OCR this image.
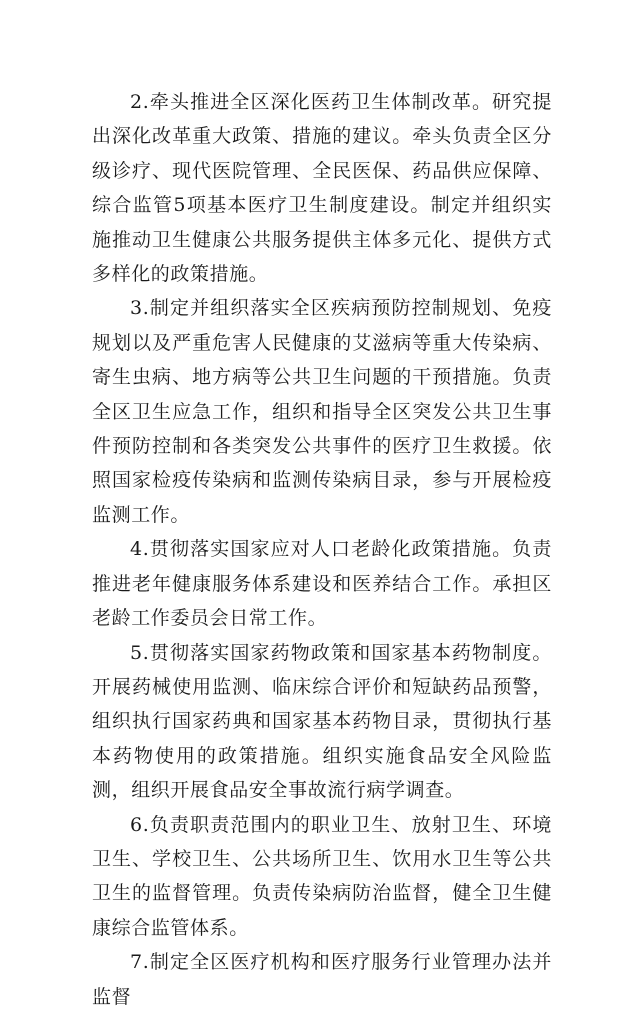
2.牵头推进全区深化医药卫生体制改革。研究提出深化改革重大政策、措施的建议。牵头负责全区分级诊疗、现代医院管理、全民医保、药品供应保障、综合监管5项基本医疗卫生制度建设。制定并组织实施推动卫生健康公共服务提供主体多元化、提供方式多样化的政策措施。

3.制定并组织落实全区疾病预防控制规划、免疫规划以及严重危害人民健康的艾滋病等重大传染病、寄生虫病、地方病等公共卫生问题的干预措施。负责全区卫生应急工作，组织和指导全区突发公共卫生事件预防控制和各类突发公共事件的医疗卫生救援。依照国家检疫传染病和监测传染病目录，参与开展检疫监测工作。

4.贯彻落实国家应对人口老龄化政策措施。负责推进老年健康服务体系建设和医养结合工作。承担区老龄工作委员会日常工作。

5.贯彻落实国家药物政策和国家基本药物制度。开展药械使用监测、临床综合评价和短缺药品预警，组织执行国家药典和国家基本药物目录，贯彻执行基本药物使用的政策措施。组织实施食品安全风险监测，组织开展食品安全事故流行病学调查。

6.负责职责范围内的职业卫生、放射卫生、环境卫生、学校卫生、公共场所卫生、饮用水卫生等公共卫生的监督管理。负责传染病防治监督，健全卫生健康综合监管体系。

7.制定全区医疗机构和医疗服务行业管理办法并监督
